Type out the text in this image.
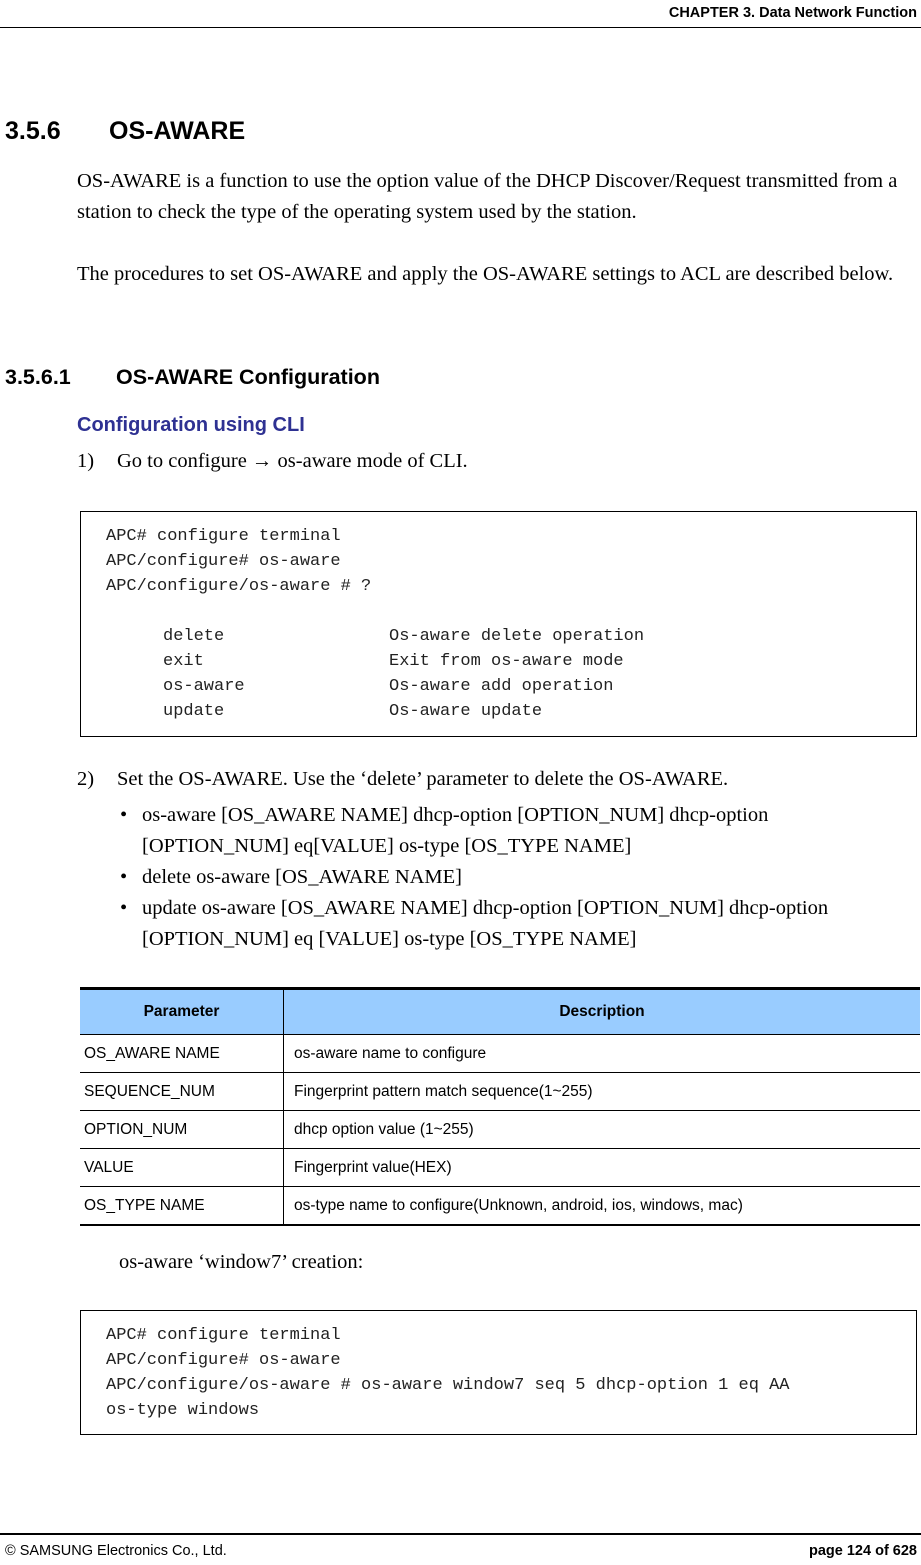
CHAPTER 3. Data Network Function
3.5.6 OS-AWARE

OS-AWARE is a function to use the option value of the DHCP Discover/Request transmitted from a station to check the type of the operating system used by the station.

The procedures to set OS-AWARE and apply the OS-AWARE settings to ACL are described below.

3.5.6.1 OS-AWARE Configuration
Configuration using CLI
1) Go to configure → os-aware mode of CLI.
APC# configure terminal
APC/configure# os-aware
APC/configure/os-aware # ?
delete	Os-aware delete operation
exit	Exit from os-aware mode
os-aware	Os-aware add operation
update	Os-aware update
2) Set the OS-AWARE. Use the ‘delete’ parameter to delete the OS-AWARE.
• os-aware [OS_AWARE NAME] dhcp-option [OPTION_NUM] dhcp-option [OPTION_NUM] eq[VALUE] os-type [OS_TYPE NAME]
• delete os-aware [OS_AWARE NAME]
• update os-aware [OS_AWARE NAME] dhcp-option [OPTION_NUM] dhcp-option [OPTION_NUM] eq [VALUE] os-type [OS_TYPE NAME]
Parameter	Description
OS_AWARE NAME	os-aware name to configure
SEQUENCE_NUM	Fingerprint pattern match sequence(1~255)
OPTION_NUM	dhcp option value (1~255)
VALUE	Fingerprint value(HEX)
OS_TYPE NAME	os-type name to configure(Unknown, android, ios, windows, mac)
os-aware ‘window7’ creation:
APC# configure terminal
APC/configure# os-aware
APC/configure/os-aware # os-aware window7 seq 5 dhcp-option 1 eq AA
os-type windows
© SAMSUNG Electronics Co., Ltd.	page 124 of 628
